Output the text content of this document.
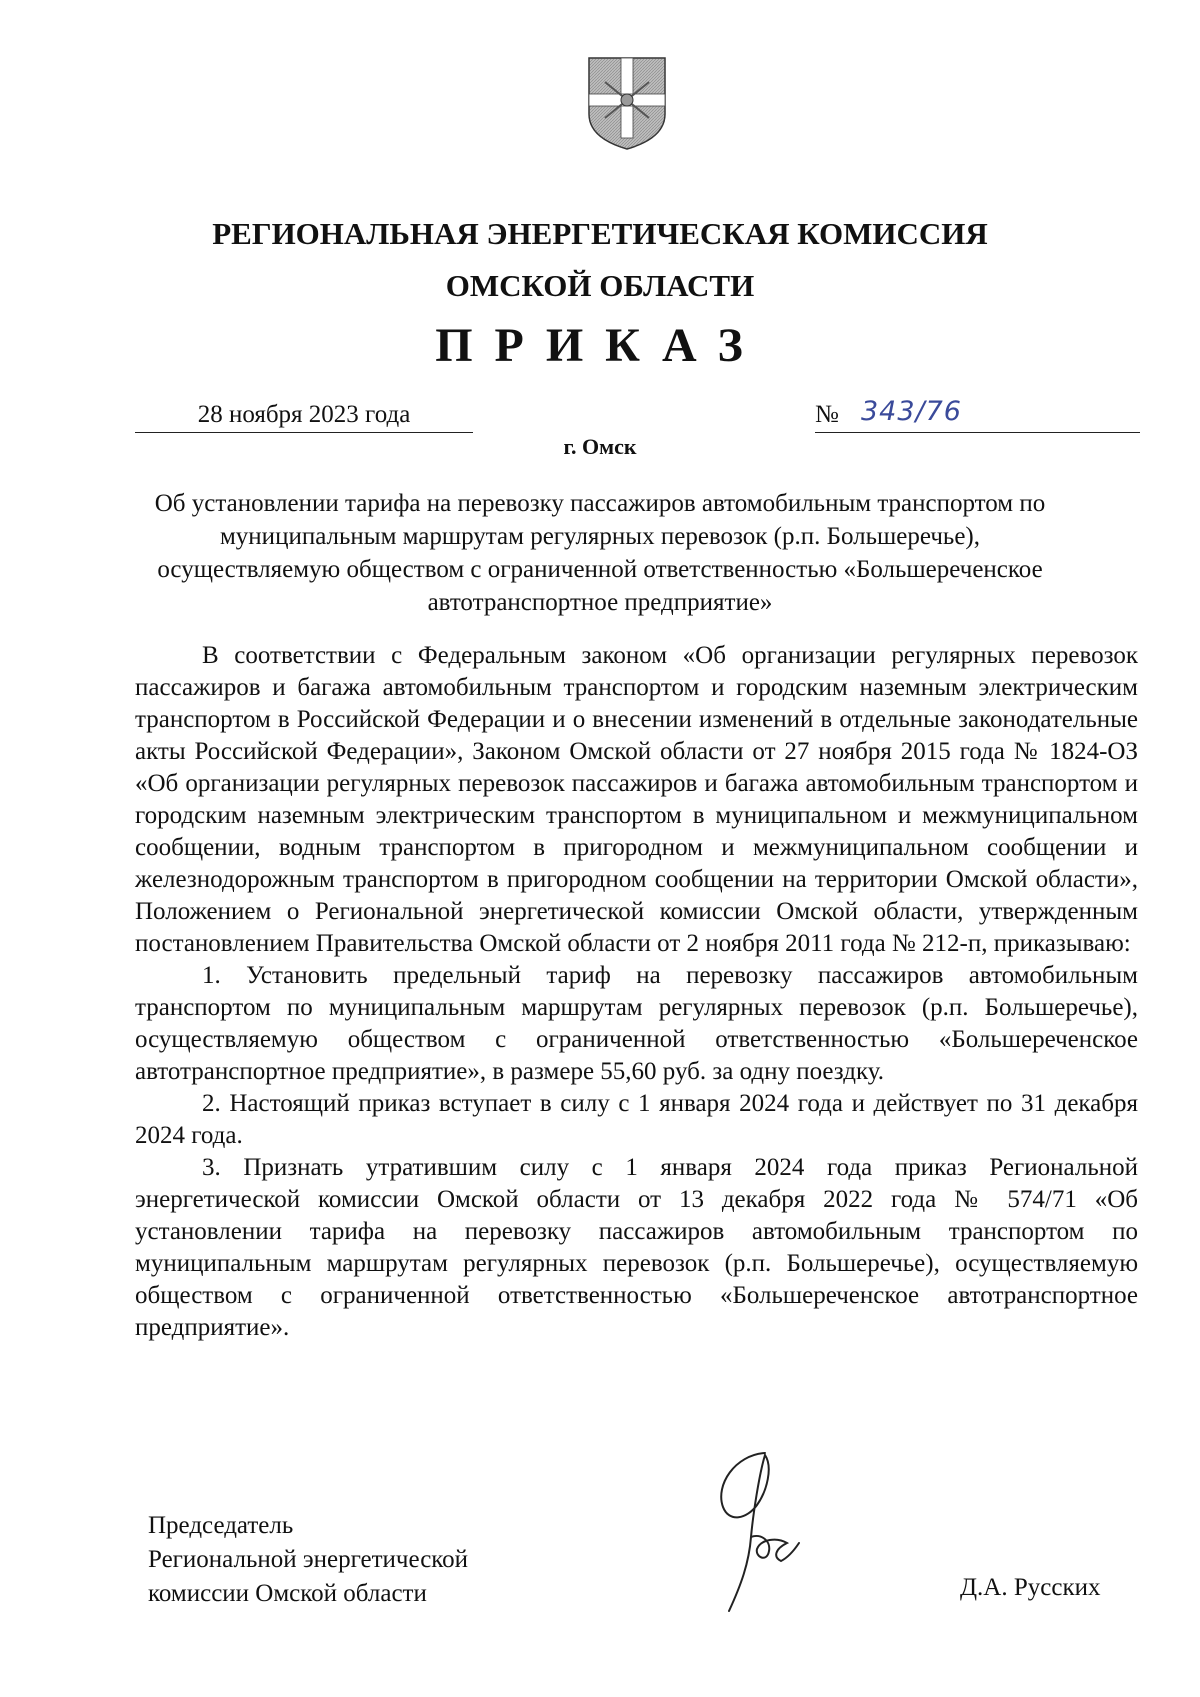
РЕГИОНАЛЬНАЯ ЭНЕРГЕТИЧЕСКАЯ КОМИССИЯ
ОМСКОЙ ОБЛАСТИ
ПРИКАЗ
28 ноября 2023 года	№ 343/76
г. Омск

Об установлении тарифа на перевозку пассажиров автомобильным транспортом по муниципальным маршрутам регулярных перевозок (р.п. Большеречье), осуществляемую обществом с ограниченной ответственностью «Большереченское автотранспортное предприятие»

В соответствии с Федеральным законом «Об организации регулярных перевозок пассажиров и багажа автомобильным транспортом и городским наземным электрическим транспортом в Российской Федерации и о внесении изменений в отдельные законодательные акты Российской Федерации», Законом Омской области от 27 ноября 2015 года № 1824-ОЗ «Об организации регулярных перевозок пассажиров и багажа автомобильным транспортом и городским наземным электрическим транспортом в муниципальном и межмуниципальном сообщении, водным транспортом в пригородном и межмуниципальном сообщении и железнодорожным транспортом в пригородном сообщении на территории Омской области», Положением о Региональной энергетической комиссии Омской области, утвержденным постановлением Правительства Омской области от 2 ноября 2011 года № 212-п, приказываю:

1. Установить предельный тариф на перевозку пассажиров автомобильным транспортом по муниципальным маршрутам регулярных перевозок (р.п. Большеречье), осуществляемую обществом с ограниченной ответственностью «Большереченское автотранспортное предприятие», в размере 55,60 руб. за одну поездку.

2. Настоящий приказ вступает в силу с 1 января 2024 года и действует по 31 декабря 2024 года.

3. Признать утратившим силу с 1 января 2024 года приказ Региональной энергетической комиссии Омской области от 13 декабря 2022 года № 574/71 «Об установлении тарифа на перевозку пассажиров автомобильным транспортом по муниципальным маршрутам регулярных перевозок (р.п. Большеречье), осуществляемую обществом с ограниченной ответственностью «Большереченское автотранспортное предприятие».

Председатель
Региональной энергетической
комиссии Омской области	Д.А. Русских
